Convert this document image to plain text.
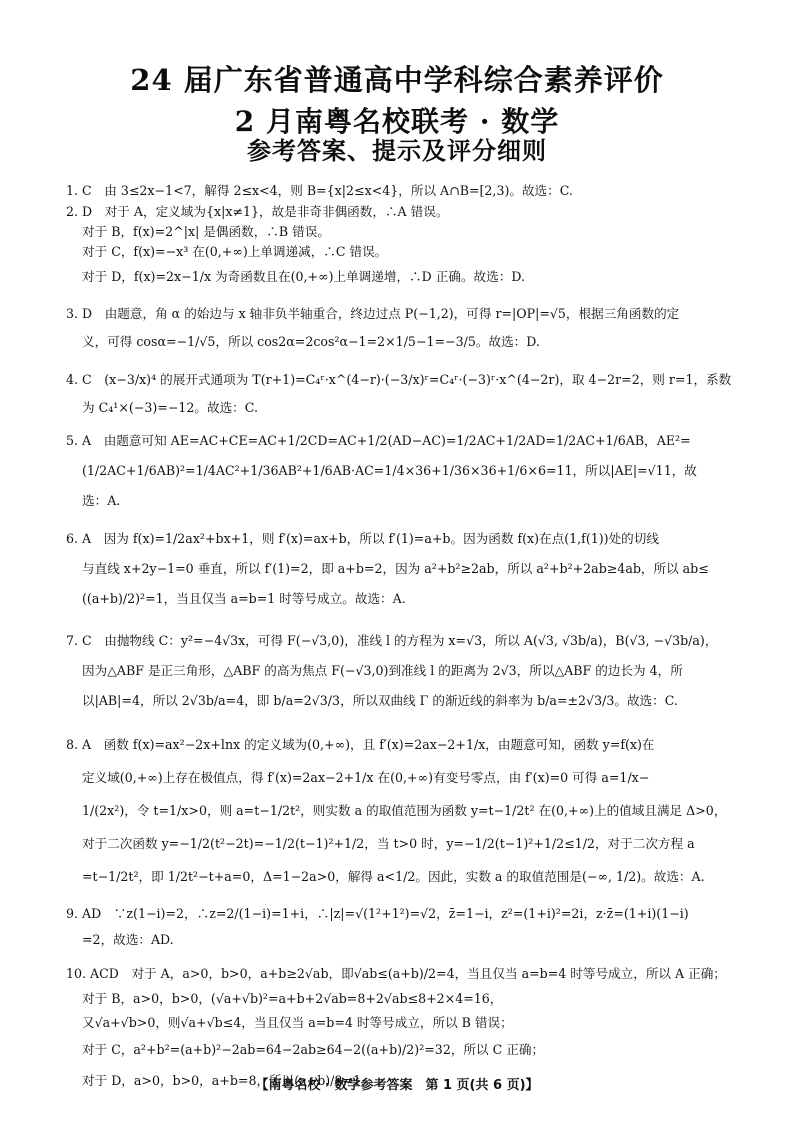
24 届广东省普通高中学科综合素养评价
2 月南粤名校联考 · 数学
参考答案、提示及评分细则
1. C　由 3≤2x−1<7，解得 2≤x<4，则 B={x|2≤x<4}，所以 A∩B=[2,3)。故选：C.
2. D　对于 A，定义域为{x|x≠1}，故是非奇非偶函数，∴A 错误。
对于 B，f(x)=2^|x| 是偶函数，∴B 错误。
对于 C，f(x)=−x³ 在(0,+∞)上单调递减，∴C 错误。
对于 D，f(x)=2x−1/x 为奇函数且在(0,+∞)上单调递增，∴D 正确。故选：D.
3. D　由题意，角 α 的始边与 x 轴非负半轴重合，终边过点 P(−1,2)，可得 r=|OP|=√5，根据三角函数的定
义，可得 cosα=−1/√5，所以 cos2α=2cos²α−1=2×1/5−1=−3/5。故选：D.
4. C　(x−3/x)⁴ 的展开式通项为 T(r+1)=C₄ʳ·x^(4−r)·(−3/x)ʳ=C₄ʳ·(−3)ʳ·x^(4−2r)，取 4−2r=2，则 r=1，系数
为 C₄¹×(−3)=−12。故选：C.
5. A　由题意可知 AE=AC+CE=AC+1/2CD=AC+1/2(AD−AC)=1/2AC+1/2AD=1/2AC+1/6AB，AE²=
(1/2AC+1/6AB)²=1/4AC²+1/36AB²+1/6AB·AC=1/4×36+1/36×36+1/6×6=11，所以|AE|=√11，故
选：A.
6. A　因为 f(x)=1/2ax²+bx+1，则 f′(x)=ax+b，所以 f′(1)=a+b。因为函数 f(x)在点(1,f(1))处的切线
与直线 x+2y−1=0 垂直，所以 f′(1)=2，即 a+b=2，因为 a²+b²≥2ab，所以 a²+b²+2ab≥4ab，所以 ab≤
((a+b)/2)²=1，当且仅当 a=b=1 时等号成立。故选：A.
7. C　由抛物线 C：y²=−4√3x，可得 F(−√3,0)，准线 l 的方程为 x=√3，所以 A(√3, √3b/a)，B(√3, −√3b/a)，
因为△ABF 是正三角形，△ABF 的高为焦点 F(−√3,0)到准线 l 的距离为 2√3，所以△ABF 的边长为 4，所
以|AB|=4，所以 2√3b/a=4，即 b/a=2√3/3，所以双曲线 Γ 的渐近线的斜率为 b/a=±2√3/3。故选：C.
8. A　函数 f(x)=ax²−2x+lnx 的定义域为(0,+∞)，且 f′(x)=2ax−2+1/x，由题意可知，函数 y=f(x)在
定义域(0,+∞)上存在极值点，得 f′(x)=2ax−2+1/x 在(0,+∞)有变号零点，由 f′(x)=0 可得 a=1/x−
1/(2x²)，令 t=1/x>0，则 a=t−1/2t²，则实数 a 的取值范围为函数 y=t−1/2t² 在(0,+∞)上的值域且满足 Δ>0，
对于二次函数 y=−1/2(t²−2t)=−1/2(t−1)²+1/2，当 t>0 时，y=−1/2(t−1)²+1/2≤1/2，对于二次方程 a
=t−1/2t²，即 1/2t²−t+a=0，Δ=1−2a>0，解得 a<1/2。因此，实数 a 的取值范围是(−∞, 1/2)。故选：A.
9. AD　∵z(1−i)=2，∴z=2/(1−i)=1+i，∴|z|=√(1²+1²)=√2，z̄=1−i，z²=(1+i)²=2i，z·z̄=(1+i)(1−i)
=2，故选：AD.
10. ACD　对于 A，a>0，b>0，a+b≥2√ab，即√ab≤(a+b)/2=4，当且仅当 a=b=4 时等号成立，所以 A 正确；
对于 B，a>0，b>0，(√a+√b)²=a+b+2√ab=8+2√ab≤8+2×4=16，
又√a+√b>0，则√a+√b≤4，当且仅当 a=b=4 时等号成立，所以 B 错误；
对于 C，a²+b²=(a+b)²−2ab=64−2ab≥64−2((a+b)/2)²=32，所以 C 正确；
对于 D，a>0，b>0，a+b=8，所以(a+b)/8=1，
【南粤名校 · 数学参考答案　第 1 页(共 6 页)】
